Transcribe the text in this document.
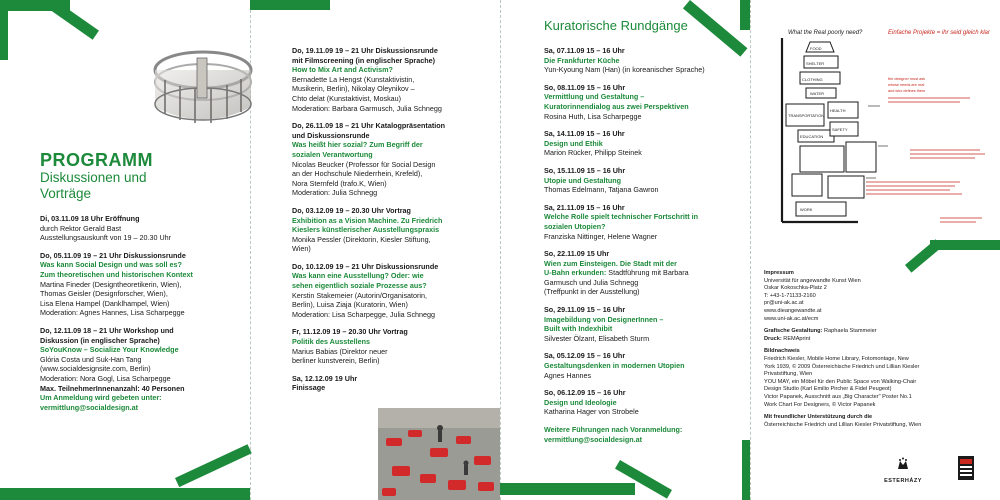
PROGRAMM
Diskussionen und
Vorträge
Di, 03.11.09 18 Uhr Eröffnung
durch Rektor Gerald Bast
Ausstellungsauskunft von 19 – 20.30 Uhr
Do, 05.11.09 19 – 21 Uhr Diskussionsrunde
Was kann Social Design und was soll es?
Zum theoretischen und historischen Kontext
Martina Fineder (Designtheoretikerin, Wien),
Thomas Geisler (Designforscher, Wien),
Lisa Elena Hampel (Danklhampel, Wien)
Moderation: Agnes Hannes, Lisa Scharpegge
Do, 12.11.09 18 – 21 Uhr Workshop und
Diskussion (in englischer Sprache)
SoYouKnow – Socialize Your Knowledge
Glória Costa und Suk-Han Tang
(www.socialdesignsite.com, Berlin)
Moderation: Nora Gogl, Lisa Scharpegge
Max. TeilnehmerInnenanzahl: 40 Personen
Um Anmeldung wird gebeten unter:
vermittlung@socialdesign.at
Do, 19.11.09 19 – 21 Uhr Diskussionsrunde
mit Filmscreening (in englischer Sprache)
How to Mix Art and Activism?
Bernadette La Hengst (Kunstaktivistin,
Musikerin, Berlin), Nikolay Oleynikov –
Chto delat (Kunstaktivist, Moskau)
Moderation: Barbara Garmusch, Julia Schnegg
Do, 26.11.09 18 – 21 Uhr Katalogpräsentation
und Diskussionsrunde
Was heißt hier sozial? Zum Begriff der
sozialen Verantwortung
Nicolas Beucker (Professor für Social Design
an der Hochschule Niederrhein, Krefeld),
Nora Sternfeld (trafo.K, Wien)
Moderation: Julia Schnegg
Do, 03.12.09 19 – 20.30 Uhr Vortrag
Exhibition as a Vision Machine. Zu Friedrich
Kieslers künstlerischer Ausstellungspraxis
Monika Pessler (Direktorin, Kiesler Stiftung,
Wien)
Do, 10.12.09 19 – 21 Uhr Diskussionsrunde
Was kann eine Ausstellung? Oder: wie
sehen eigentlich soziale Prozesse aus?
Kerstin Stakemeier (Autorin/Organisatorin,
Berlin), Luisa Ziaja (Kuratorin, Wien)
Moderation: Lisa Scharpegge, Julia Schnegg
Fr, 11.12.09 19 – 20.30 Uhr Vortrag
Politik des Ausstellens
Marius Babias (Direktor neuer
berliner kunstverein, Berlin)
Sa, 12.12.09 19 Uhr
Finissage
Kuratorische Rundgänge
Sa, 07.11.09 15 – 16 Uhr
Die Frankfurter Küche
Yun-Kyoung Nam (Han) (in koreanischer Sprache)
So, 08.11.09 15 – 16 Uhr
Vermittlung und Gestaltung –
Kuratorinnendialog aus zwei Perspektiven
Rosina Huth, Lisa Scharpegge
Sa, 14.11.09 15 – 16 Uhr
Design und Ethik
Marion Rücker, Philipp Steinek
So, 15.11.09 15 – 16 Uhr
Utopie und Gestaltung
Thomas Edelmann, Tatjana Gawron
Sa, 21.11.09 15 – 16 Uhr
Welche Rolle spielt technischer Fortschritt in
sozialen Utopien?
Franziska Nittinger, Helene Wagner
So, 22.11.09 15 Uhr
Wien zum Einsteigen. Die Stadt mit der
U-Bahn erkunden: Stadtführung mit Barbara
Garmusch und Julia Schnegg
(Treffpunkt in der Ausstellung)
So, 29.11.09 15 – 16 Uhr
Imagebildung von DesignerInnen –
Built with Indexhibit
Silvester Ölzant, Elisabeth Sturm
Sa, 05.12.09 15 – 16 Uhr
Gestaltungsdenken in modernen Utopien
Agnes Hannes
So, 06.12.09 15 – 16 Uhr
Design und Ideologie
Katharina Hager von Strobele
Weitere Führungen nach Voranmeldung:
vermittlung@socialdesign.at
What the Real poorly need?	Einfache Projekte = ihr seid gleich klar
FOOD
SHELTER
CLOTHING
TRANSPORTATION
HEALTH
EDUCATION
SAFETY
WATER
WORK
the designer must ask
whose needs are real
and who defines them
Impressum
Universität für angewandte Kunst Wien
Oskar Kokoschka-Platz 2
T: +43-1-71133-2160
pr@uni-ak.ac.at
www.dieangewandte.at
www.uni-ak.ac.at/ecm
Grafische Gestaltung: Raphaela Stammeier
Druck: REMAprint
Bildnachweis
Friedrich Kiesler, Mobile Home Library, Fotomontage, New
York 1939, © 2009 Österreichische Friedrich und Lillian Kiesler
Privatstiftung, Wien
YOU MAY, ein Möbel für den Public Space von Walking-Chair
Design Studio (Karl Emilio Pircher & Fidel Peugeot)
Victor Papanek, Ausschnitt aus „Big Character" Poster No.1
Work Chart For Designers, © Victor Papanek
Mit freundlicher Unterstützung durch die
Österreichische Friedrich und Lillian Kiesler Privatstiftung, Wien
ESTERHÁZY
